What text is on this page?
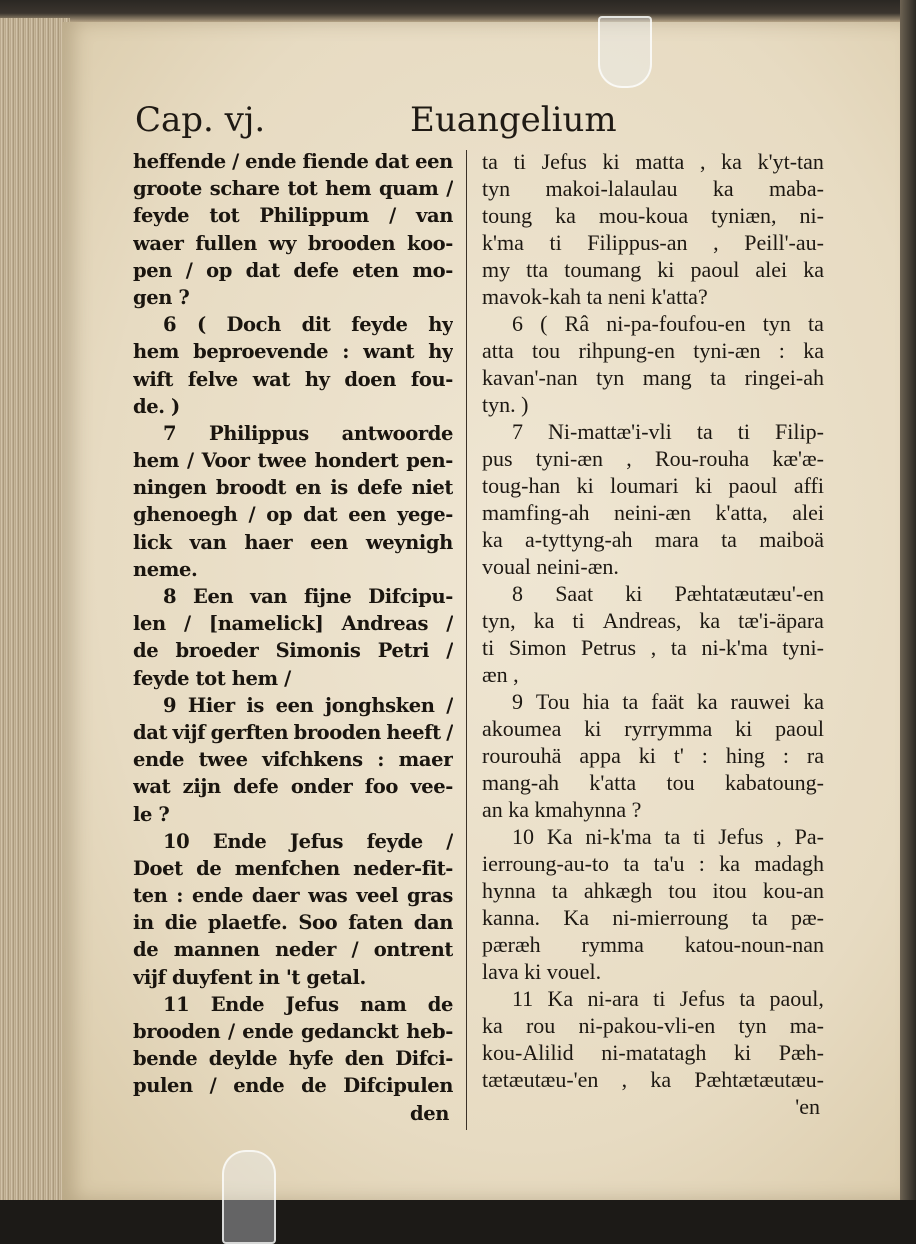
Cap. vj.	Euangelium
heffende / ende fiende dat een
groote schare tot hem quam /
feyde tot Philippum / van
waer fullen wy brooden koo-
pen / op dat defe eten mo-
gen ?
6 ( Doch dit feyde hy
hem beproevende : want hy
wift felve wat hy doen fou-
de. )
7 Philippus antwoorde
hem / Voor twee hondert pen-
ningen broodt en is defe niet
ghenoegh / op dat een yege-
lick van haer een weynigh
neme.
8 Een van fijne Difcipu-
len / [namelick] Andreas /
de broeder Simonis Petri /
feyde tot hem /
9 Hier is een jonghsken /
dat vijf gerften brooden heeft /
ende twee vifchkens : maer
wat zijn defe onder foo vee-
le ?
10 Ende Jefus feyde /
Doet de menfchen neder-fit-
ten : ende daer was veel gras
in die plaetfe. Soo faten dan
de mannen neder / ontrent
vijf duyfent in 't getal.
11 Ende Jefus nam de
brooden / ende gedanckt heb-
bende deylde hyfe den Difci-
pulen / ende de Difcipulen
den
ta ti Jefus ki matta , ka k'yt-tan
tyn makoi-lalaulau ka maba-
toung ka mou-koua tyniæn, ni-
k'ma ti Filippus-an , Peill'-au-
my tta toumang ki paoul alei ka
mavok-kah ta neni k'atta?
6 ( Râ ni-pa-foufou-en tyn ta
atta tou rihpung-en tyni-æn : ka
kavan'-nan tyn mang ta ringei-ah
tyn. )
7 Ni-mattæ'i-vli ta ti Filip-
pus tyni-æn , Rou-rouha kæ'æ-
toug-han ki loumari ki paoul affi
mamfing-ah neini-æn k'atta, alei
ka a-tyttyng-ah mara ta maiboä
voual neini-æn.
8 Saat ki Pæhtatæutæu'-en
tyn, ka ti Andreas, ka tæ'i-äpara
ti Simon Petrus , ta ni-k'ma tyni-
æn ,
9 Tou hia ta faät ka rauwei ka
akoumea ki ryrrymma ki paoul
rourouhä appa ki t' : hing : ra
mang-ah k'atta tou kabatoung-
an ka kmahynna ?
10 Ka ni-k'ma ta ti Jefus , Pa-
ierroung-au-to ta ta'u : ka madagh
hynna ta ahkægh tou itou kou-an
kanna. Ka ni-mierroung ta pæ-
pæræh rymma katou-noun-nan
lava ki vouel.
11 Ka ni-ara ti Jefus ta paoul,
ka rou ni-pakou-vli-en tyn ma-
kou-Alilid ni-matatagh ki Pæh-
tætæutæu-'en , ka Pæhtætæutæu-
'en
